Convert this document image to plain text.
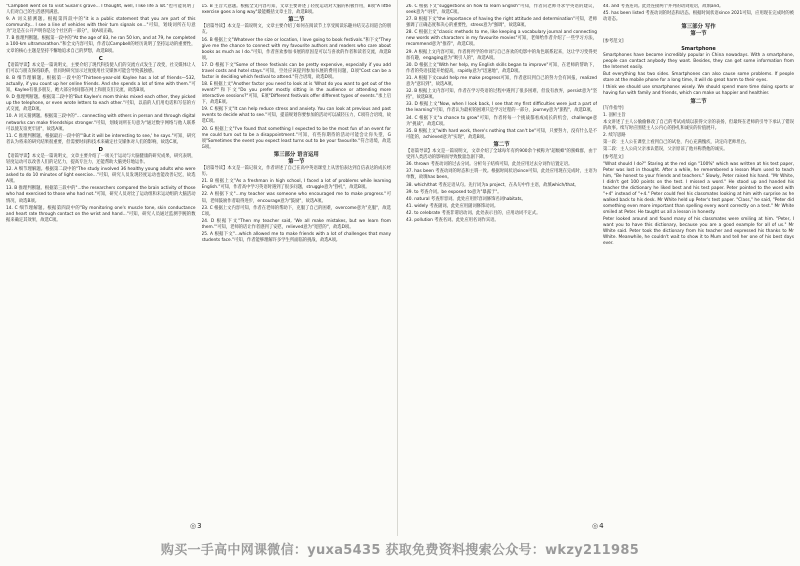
"Campbell went on to visit Susan's grave... I thought, well, I like life a lot."也可能说明了人们对自己的生活感到满意。

9. A 词义猜测题。根据第四段中的"it is a public statement that you are part of this community... I see a line of vehicles with their turn signals on..."可知，划线词所在句意为"这是在公开声明你是这个社区的一部分"，故A项正确。

7. B 推理判断题。根据第一段中的"At the age of 83, he ran 50 km, and at 79, he completed a 100-km ultramarathon."和全文内容可知，作者以Campbell的经历说明了坚持运动的重要性，文章的核心主题是坚持不懈地追求自己的梦想，故选B项。

C

【语篇导读】本文是一篇说明文，主要介绍了现代科技使人们的交流方式发生了改变，社交媒体让人们可以与朋友保持联系，但同时研究显示过度使用社交媒体可能会导致孤独感。

8. B 细节理解题。根据第一段中的"Thirteen-year-old Kaylee has a lot of friends—532, actually, if you count up her online friends. And she spends a lot of time with them."可知，Kaylee有很多朋友，她大部分时间都在网上和朋友们交流，故选B项。

9. D 推理判断题。根据第二段中的"But Kaylee's mom thinks mixed each other, they picked up the telephone, or even wrote letters to each other."可知，以前的人们用电话和写信的方式交流，故选D项。

10. A 词义猜测题。根据第三段中的"... connecting with others in person and through digital networks can make friendships stronger."可知，划线词所在句意为"通过数字网络与他人联系可以使友谊更牢固"，故选A项。

11. C 推理判断题。根据最后一段中的"'But it will be interesting to see,' he says."可知，研究者认为将来的研究结果很重要，但需要时间和技术来确定社交媒体对人们的影响，故选C项。

D

【语篇导读】本文是一篇说明文，文章主要介绍了一项关于运动与大脑健康的研究成果，研究表明，轻度运动可以改善人们的记忆力，提高专注力，还能帮助大脑更好地运作。

12. A 细节理解题。根据第二段中的"The study involved 36 healthy young adults who were asked to do 10 minutes of light exercise..."可知，研究人员发现轻度运动也能改善记忆，故选A项。

13. B 推理判断题。根据第三段中的"...the researchers compared the brain activity of those who had exercised to those who had not."可知，研究人员对比了运动组和未运动组的大脑活动情况，故选B项。

14. C 细节理解题。根据第四段中的"By monitoring one's muscle tone, skin conductance and heart rate through contact on the wrist and hand..."可知，研究人员通过监测手腕的数据来确定其效果，故选C项。

15. B 主旨大意题。根据全文内容可知，文章主要讲述了轻度运动对大脑的积极作用，B项"A little exercise goes a long way"最能概括文章主旨，故选B项。

第二节

【语篇导读】本文是一篇说明文，文章主要介绍了如何在阅读节上享受阅读乐趣并结交志同道合的朋友。

16. B 根据上文"Whatever the size or location, I love going to book festivals."和下文"They give me the chance to connect with my favourite authors and readers who care about books as much as I do."可知，作者喜欢参加书展的原因是可以与喜欢的作者和读者交流，故选B项。

17. D 根据下文"Some of these festivals can be pretty expensive, especially if you add travel costs and hotel stays."可知，空处应该提到参加书展的费用问题，D项"Cost can be a factor in deciding which festival to attend."符合语境，故选D项。

18. E 根据上文"Another factor you need to look at is 'What do you want to get out of the event?'"和下文"Do you prefer mostly sitting in the audience or attending more interactive sessions?"可知，E项"Different festivals offer different types of events."承上启下，故选E项。

19. C 根据下文"It can help reduce stress and anxiety. You can look at previous and past events to decide what to see."可知，提前规划你要参加的活动可以减轻压力，C项符合语境，故选C项。

20. G 根据上文"I've found that something I expected to be the most fun of an event for me could turn out to be a disappointment."可知，有些你期待的活动可能会让你失望，G项"Sometimes the event you expect least turns out to be your favourite."符合语境，故选G项。

第三部分 语言运用

第一节

【语篇导读】本文是一篇记叙文，作者讲述了自己在高中英语课堂上从害怕表达到自信表达的成长经历。

21. B 根据上文"As a freshman in high school, I faced a lot of problems while learning English."可知，作者高中学习英语时遇到了很多问题，struggle意为"挣扎"，故选B项。

22. A 根据下文"...my teacher was someone who encouraged me to make progress."可知，老师鼓励作者取得进步，encourage意为"鼓励"，故选A项。

23. C 根据上文内容可知，作者在老师的帮助下，克服了自己的困难，overcome意为"克服"，故选C项。

24. D 根据下文"Then my teacher said, 'We all make mistakes, but we learn from them.'"可知，老师的话让作者感到了安慰，relieved意为"宽慰的"，故选D项。

25. A 根据下文"...which allowed me to make friends with a lot of challenges that many students face."可知，作者能够理解许多学生所面临的挑战，故选A项。

◎3

26. C 根据下文"suggestions on how to learn English"可知，作者向老师寻求学英语的建议，seek意为"寻找"，故选C项。

27. B 根据下文"the importance of having the right attitude and determination"可知，老师强调了正确态度和决心的重要性，stress意为"强调"，故选B项。

28. C 根据上文"classic methods to me, like keeping a vocabulary journal and connecting new words with characters in my favourite movies"可知，老师给作者介绍了一些学习方法，recommend意为"推荐"，故选C项。

29. A 根据上文内容可知，作者将所学的单词与自己喜欢的电影中的角色联系起来，这让学习变得更加有趣，engaging意为"吸引人的"，故选A项。

30. D 根据上文"With her help, my English skills began to improve"可知，在老师的帮助下，作者的英语技能开始提高，rapidly意为"迅速地"，故选D项。

31. A 根据下文could help me make progress可知，作者意识到自己的努力会有回报，realized意为"意识到"，故选A项。

32. B 根据上文内容可知，作者在学习英语的过程中遇到了很多困难，但没有放弃，persist意为"坚持"，故选B项。

33. D 根据上文"Now, when I look back, I see that my first difficulties were just a part of the learning"可知，作者认为最初的困难只是学习过程的一部分，journey意为"旅程"，故选D项。

34. C 根据下文"a chance to grow"可知，作者将每一个挑战都看成成长的机会，challenge意为"挑战"，故选C项。

35. B 根据上文"with hard work, there's nothing that can't be"可知，只要努力，没有什么是不可能的，achieved意为"实现"，故选B项。

第二节

【语篇导读】本文是一篇说明文，文章介绍了全球每年有约900余个被称为"超级蜂"的蜜蜂群，由于受到人类活动的影响而导致数量急剧下降。

36. thrown 考查动词的过去分词。分析句子结构可知，此处应用过去分词作后置定语。

37. has been 考查动词的时态和主谓一致。根据时间状语since可知，此处应用现在完成时，主语为单数，故填has been。

38. which/that 考查定语从句。先行词为a project，在从句中作主语，故填which/that。

39. to 考查介词。be exposed to意为"暴露于"。

40. natural 考查形容词。此处应用形容词修饰名词habitats。

41. widely 考查副词。此处应用副词修饰动词。

42. to celebrate 考查非谓语动词。此处表示目的，应用动词不定式。

43. pollution 考查名词。此处应用名词作宾语。

44. and 考查连词。此处连接两个并列的动词短语，故填and。

45. has been listed 考查动词的时态和语态。根据时间状语since 2021可知，应用现在完成时的被动语态。

第三部分 写作

第一节

[参考范文]

Smartphone

Smartphones have become incredibly popular in China nowadays. With a smartphone, people can contact anybody they want. Besides, they can get some information from the Internet easily.

But everything has two sides. Smartphones can also cause some problems. If people stare at the mobile phone for a long time, it will do great harm to their eyes.

I think we should use smartphones wisely. We should spend more time doing sports or having fun with family and friends, which can make us happier and healthier.

第二节

[写作指导]

1. 剖析主旨

本文讲述了主人公偷偷修改了自己的考试成绩以获得父亲的表扬，但最终在老师的引导下承认了错误的故事。续写时应围绕主人公内心的挣扎和诚实的价值展开。

2. 续写思路

第一段：主人公在课堂上看到自己的试卷，内心充满愧疚，决定向老师坦白。

第二段：主人公向父亲承认错误，父亲原谅了他并称赞他的诚实。

[参考范文]

"What should I do?" Staring at the red sign "100%" which was written at his test paper, Peter was lost in thought. After a while, he remembered a lesson Mum used to teach him, "Be honest to your friends and teachers." Slowly, Peter raised his hand. "Mr White, I didn't get 100 points on the test. I missed a word." He stood up and handed his teacher the dictionary he liked best and his test paper. Peter pointed to the word with "+4" instead of "+4." Peter could feel his classmates looking at him with surprise as he walked back to his desk. Mr White held up Peter's test paper. "Class," he said, "Peter did something even more important than spelling every word correctly on a test." Mr White smiled at Peter. He taught us all a lesson in honesty.

Peter looked around and found many of his classmates were smiling at him. "Peter, I want you to have this dictionary, because you are a good example for all of us." Mr White said. Peter took the dictionary from his teacher and expressed his thanks to Mr White. Meanwhile, he couldn't wait to show it to Mum and tell her one of his best days ever.

◎4
购买一手高中网课微信：yuxa5435 获取免费资料搜索公众号：wkzy211985
